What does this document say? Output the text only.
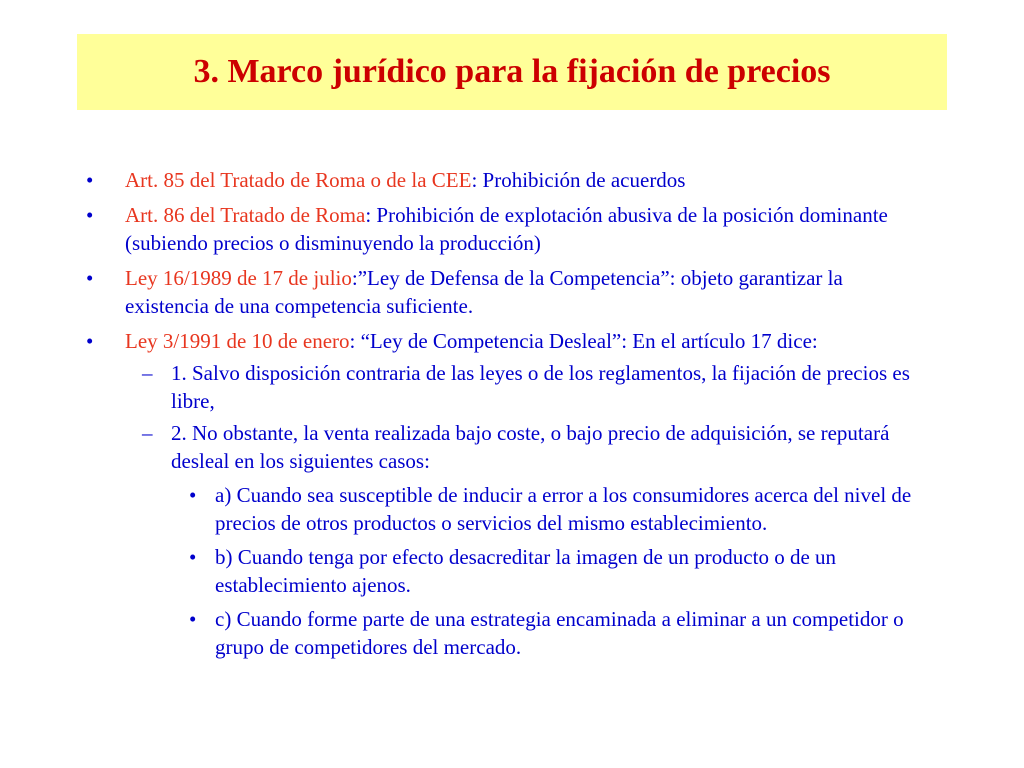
3. Marco jurídico para la fijación de precios
• Art. 85 del Tratado de Roma o de la CEE: Prohibición de acuerdos
• Art. 86 del Tratado de Roma: Prohibición de explotación abusiva de la posición dominante (subiendo precios o disminuyendo la producción)
• Ley 16/1989 de 17 de julio:”Ley de Defensa de la Competencia”: objeto garantizar la existencia de una competencia suficiente.
• Ley 3/1991 de 10 de enero: “Ley de Competencia Desleal”: En el artículo 17 dice:
– 1. Salvo disposición contraria de las leyes o de los reglamentos, la fijación de precios es libre,
– 2. No obstante, la venta realizada bajo coste, o bajo precio de adquisición, se reputará desleal en los siguientes casos:
• a) Cuando sea susceptible de inducir a error a los consumidores acerca del nivel de precios de otros productos o servicios del mismo establecimiento.
• b) Cuando tenga por efecto desacreditar la imagen de un producto o de un establecimiento ajenos.
• c) Cuando forme parte de una estrategia encaminada a eliminar a un competidor o grupo de competidores del mercado.
